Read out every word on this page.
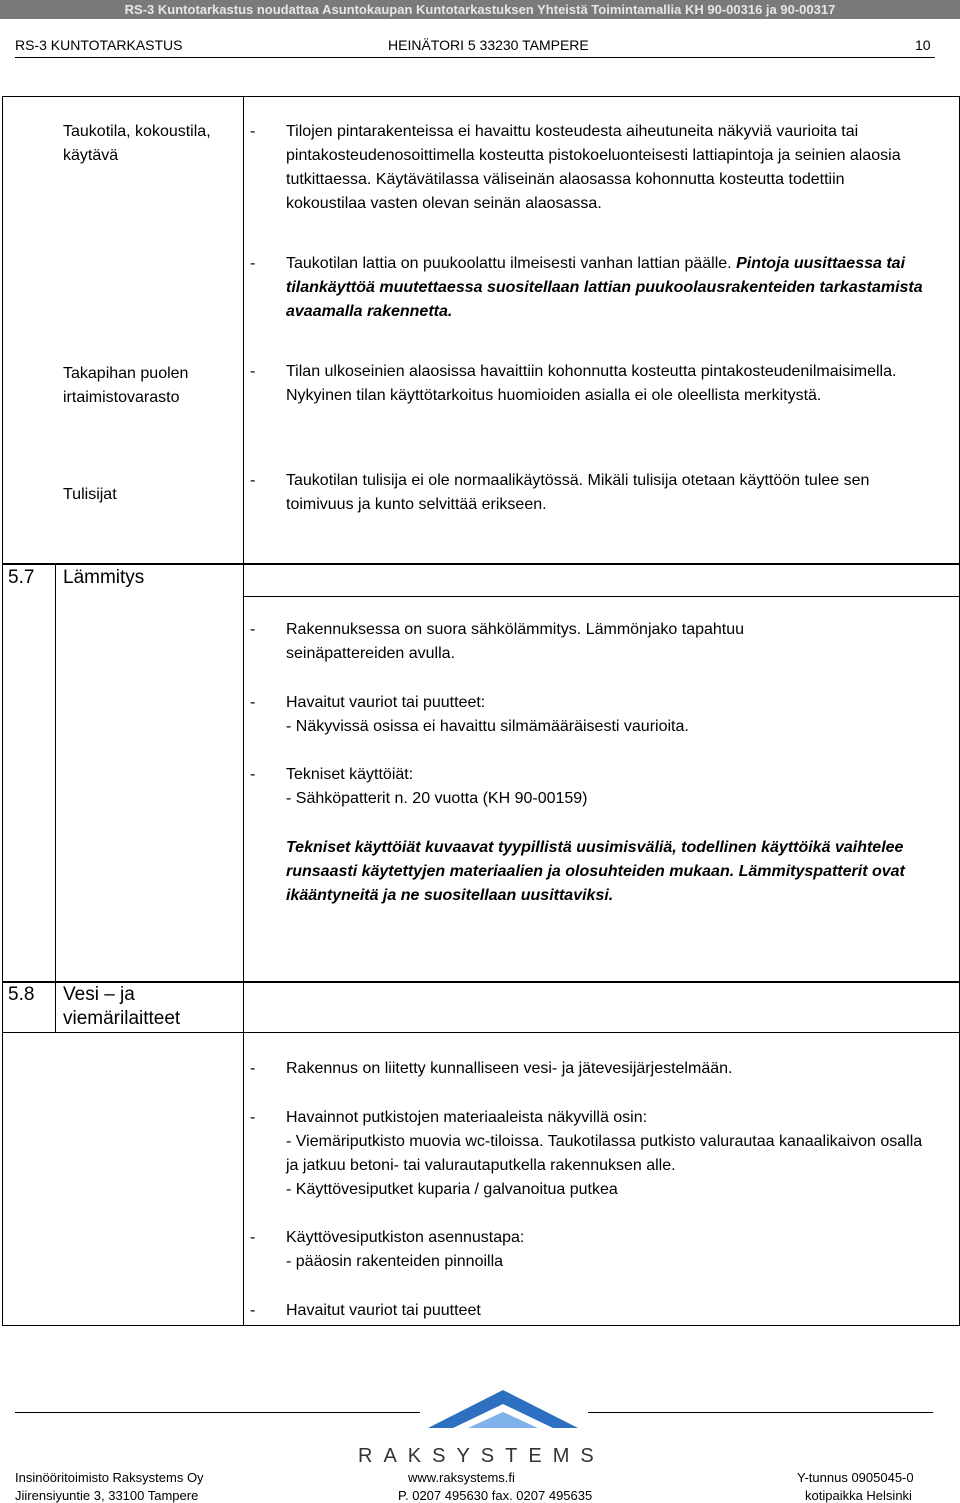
RS-3 Kuntotarkastus noudattaa Asuntokaupan Kuntotarkastuksen Yhteistä Toimintamallia KH 90-00316 ja 90-00317
RS-3 KUNTOTARKASTUS	HEINÄTORI 5 33230 TAMPERE	10
Taukotila, kokoustila, käytävä
- Tilojen pintarakenteissa ei havaittu kosteudesta aiheutuneita näkyviä vaurioita tai pintakosteudenosoittimella kosteutta pistokoeluonteisesti lattiapintoja ja seinien alaosia tutkittaessa. Käytävätilassa väliseinän alaosassa kohonnutta kosteutta todettiin kokoustilaa vasten olevan seinän alaosassa.
- Taukotilan lattia on puukoolattu ilmeisesti vanhan lattian päälle. Pintoja uusittaessa tai tilankäyttöä muutettaessa suositellaan lattian puukoolausrakenteiden tarkastamista avaamalla rakennetta.
Takapihan puolen irtaimistovarasto
- Tilan ulkoseinien alaosissa havaittiin kohonnutta kosteutta pintakosteudenilmaisimella. Nykyinen tilan käyttötarkoitus huomioiden asialla ei ole oleellista merkitystä.
Tulisijat
- Taukotilan tulisija ei ole normaalikäytössä. Mikäli tulisija otetaan käyttöön tulee sen toimivuus ja kunto selvittää erikseen.
5.7 Lämmitys
- Rakennuksessa on suora sähkölämmitys. Lämmönjako tapahtuu seinäpattereiden avulla.
- Havaitut vauriot tai puutteet:
- Näkyvissä osissa ei havaittu silmämääräisesti vaurioita.
- Tekniset käyttöiät:
- Sähköpatterit n. 20 vuotta (KH 90-00159)
Tekniset käyttöiät kuvaavat tyypillistä uusimisväliä, todellinen käyttöikä vaihtelee runsaasti käytettyjen materiaalien ja olosuhteiden mukaan. Lämmityspatterit ovat ikääntyneitä ja ne suositellaan uusittaviksi.
5.8 Vesi – ja viemärilaitteet
- Rakennus on liitetty kunnalliseen vesi- ja jätevesijärjestelmään.
- Havainnot putkistojen materiaaleista näkyvillä osin:
- Viemäriputkisto muovia wc-tiloissa. Taukotilassa putkisto valurautaa kanaalikaivon osalla ja jatkuu betoni- tai valurautaputkella rakennuksen alle.
- Käyttövesiputket kuparia / galvanoitua putkea
- Käyttövesiputkiston asennustapa:
- pääosin rakenteiden pinnoilla
- Havaitut vauriot tai puutteet
RAKSYSTEMS
Insinööritoimisto Raksystems Oy
Jiirensiyuntie 3, 33100 Tampere
www.raksystems.fi
P. 0207 495630 fax. 0207 495635
Y-tunnus 0905045-0
kotipaikka Helsinki
